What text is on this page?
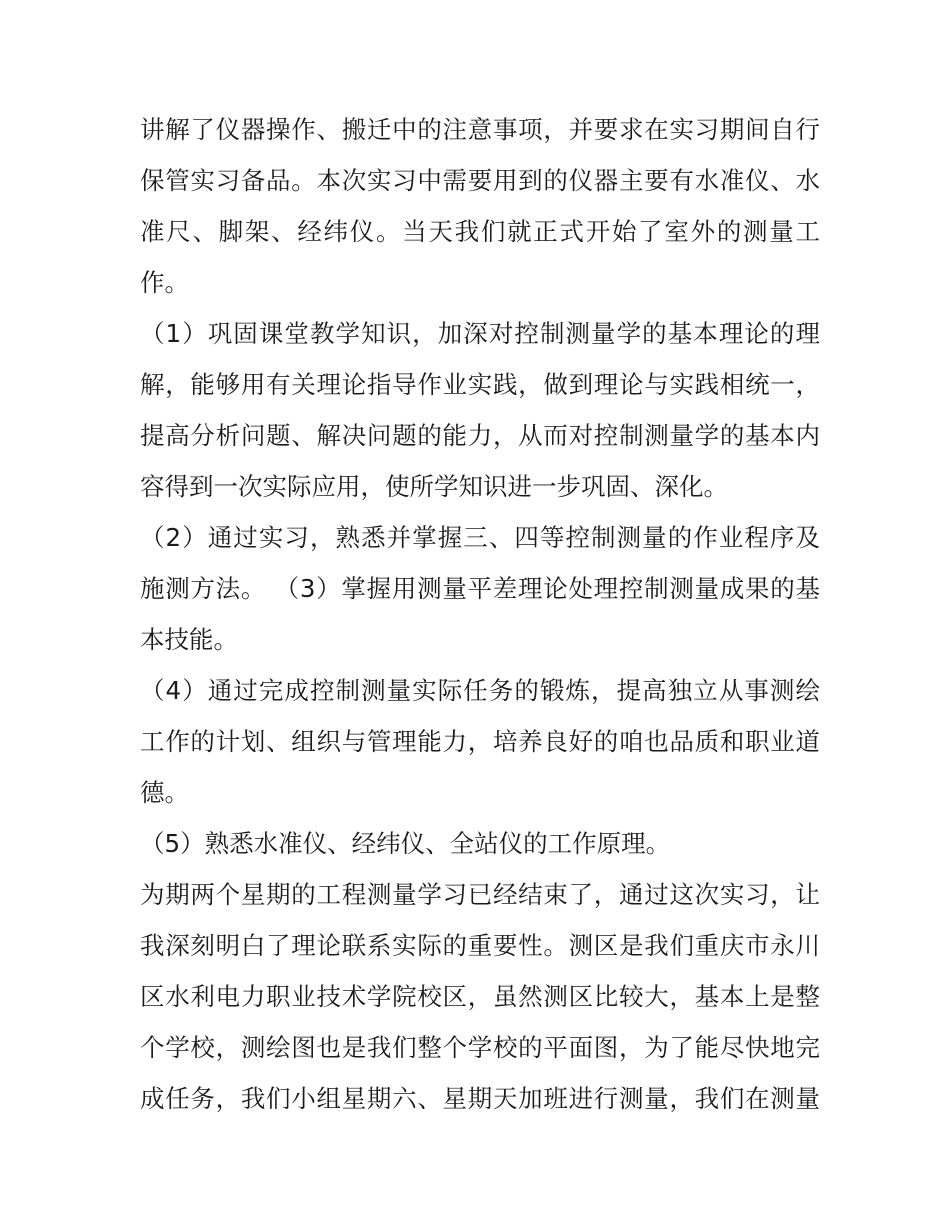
讲解了仪器操作、搬迁中的注意事项，并要求在实习期间自行
保管实习备品。本次实习中需要用到的仪器主要有水准仪、水
准尺、脚架、经纬仪。当天我们就正式开始了室外的测量工
作。
（1）巩固课堂教学知识，加深对控制测量学的基本理论的理
解，能够用有关理论指导作业实践，做到理论与实践相统一，
提高分析问题、解决问题的能力，从而对控制测量学的基本内
容得到一次实际应用，使所学知识进一步巩固、深化。
（2）通过实习，熟悉并掌握三、四等控制测量的作业程序及
施测方法。 （3）掌握用测量平差理论处理控制测量成果的基
本技能。
（4）通过完成控制测量实际任务的锻炼，提高独立从事测绘
工作的计划、组织与管理能力，培养良好的咱也品质和职业道
德。
（5）熟悉水准仪、经纬仪、全站仪的工作原理。
为期两个星期的工程测量学习已经结束了，通过这次实习，让
我深刻明白了理论联系实际的重要性。测区是我们重庆市永川
区水利电力职业技术学院校区，虽然测区比较大，基本上是整
个学校，测绘图也是我们整个学校的平面图，为了能尽快地完
成任务，我们小组星期六、星期天加班进行测量，我们在测量
